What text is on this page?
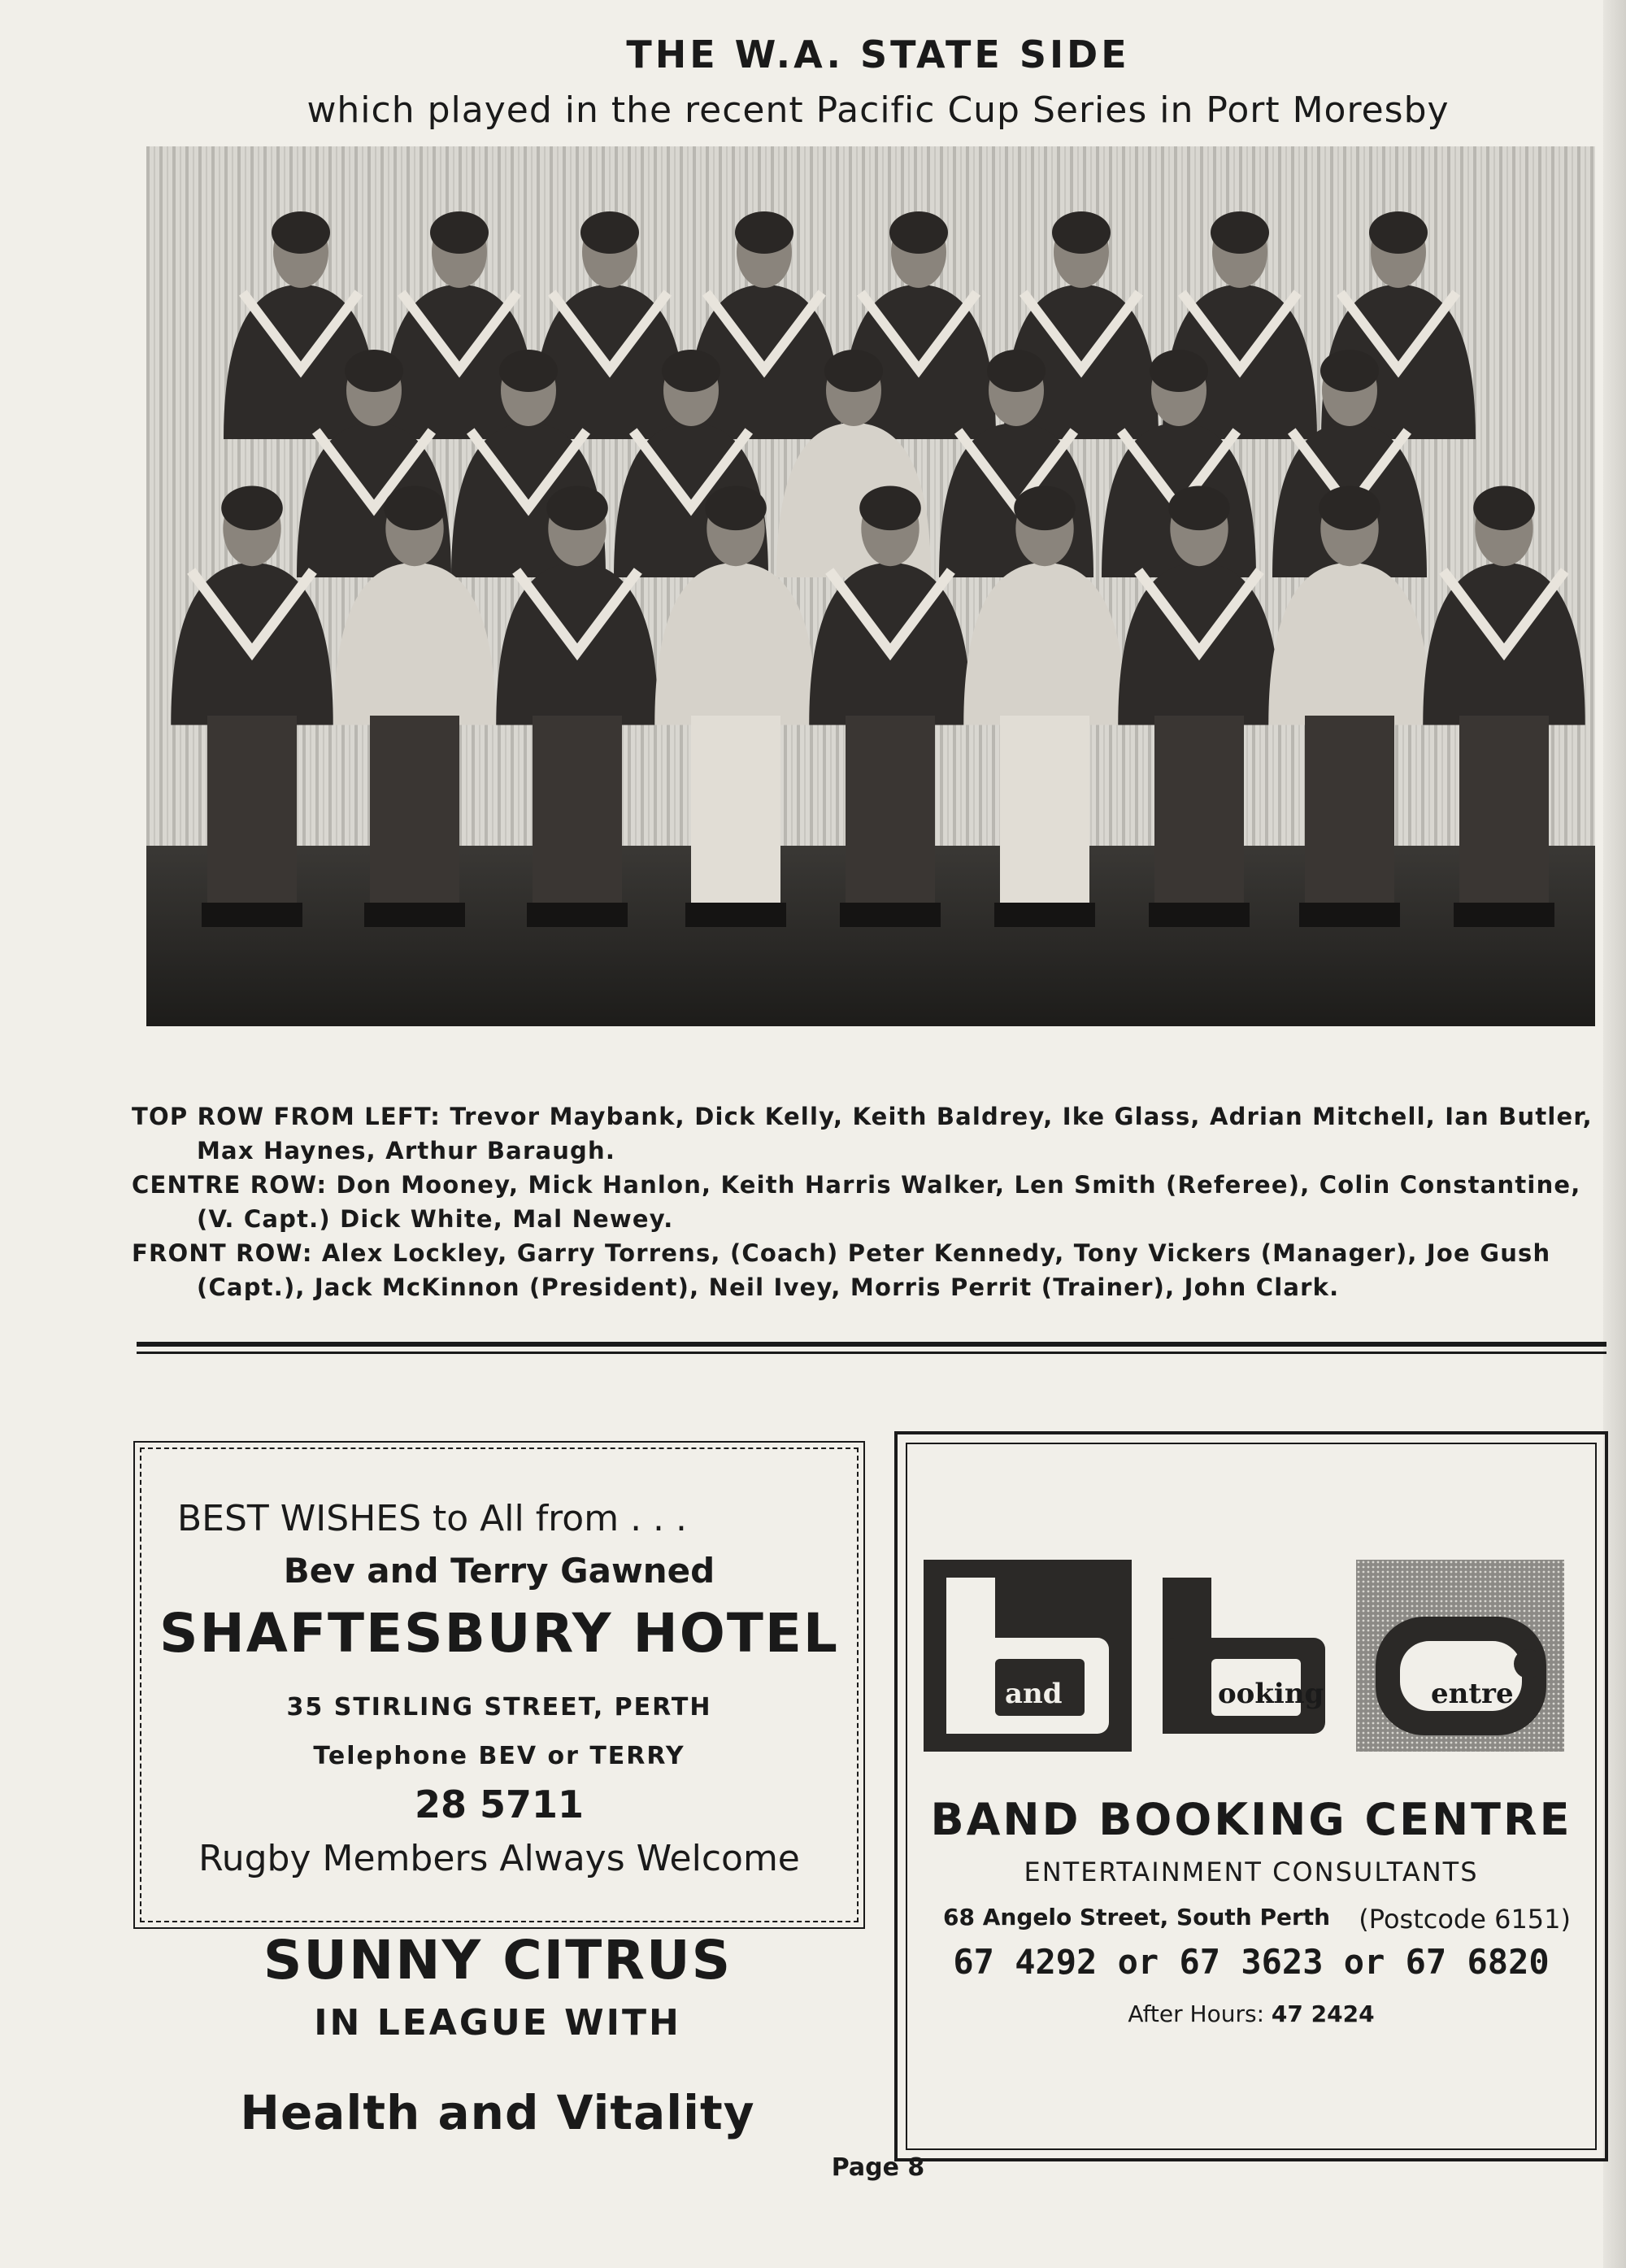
THE W.A. STATE SIDE
which played in the recent Pacific Cup Series in Port Moresby
TOP ROW FROM LEFT: Trevor Maybank, Dick Kelly, Keith Baldrey, Ike Glass, Adrian Mitchell, Ian Butler,
Max Haynes, Arthur Baraugh.
CENTRE ROW: Don Mooney, Mick Hanlon, Keith Harris Walker, Len Smith (Referee), Colin Constantine,
(V. Capt.) Dick White, Mal Newey.
FRONT ROW: Alex Lockley, Garry Torrens, (Coach) Peter Kennedy, Tony Vickers (Manager), Joe Gush
(Capt.), Jack McKinnon (President), Neil Ivey, Morris Perrit (Trainer), John Clark.
BEST WISHES to All from . . .
Bev and Terry Gawned
SHAFTESBURY HOTEL
35 STIRLING STREET, PERTH
Telephone BEV or TERRY
28 5711
Rugby Members Always Welcome
SUNNY CITRUS
IN LEAGUE WITH
Health and Vitality
and	ooking	entre
BAND BOOKING CENTRE
ENTERTAINMENT CONSULTANTS
68 Angelo Street, South Perth (Postcode 6151)
67 4292 or 67 3623 or 67 6820
After Hours: 47 2424
Page 8
